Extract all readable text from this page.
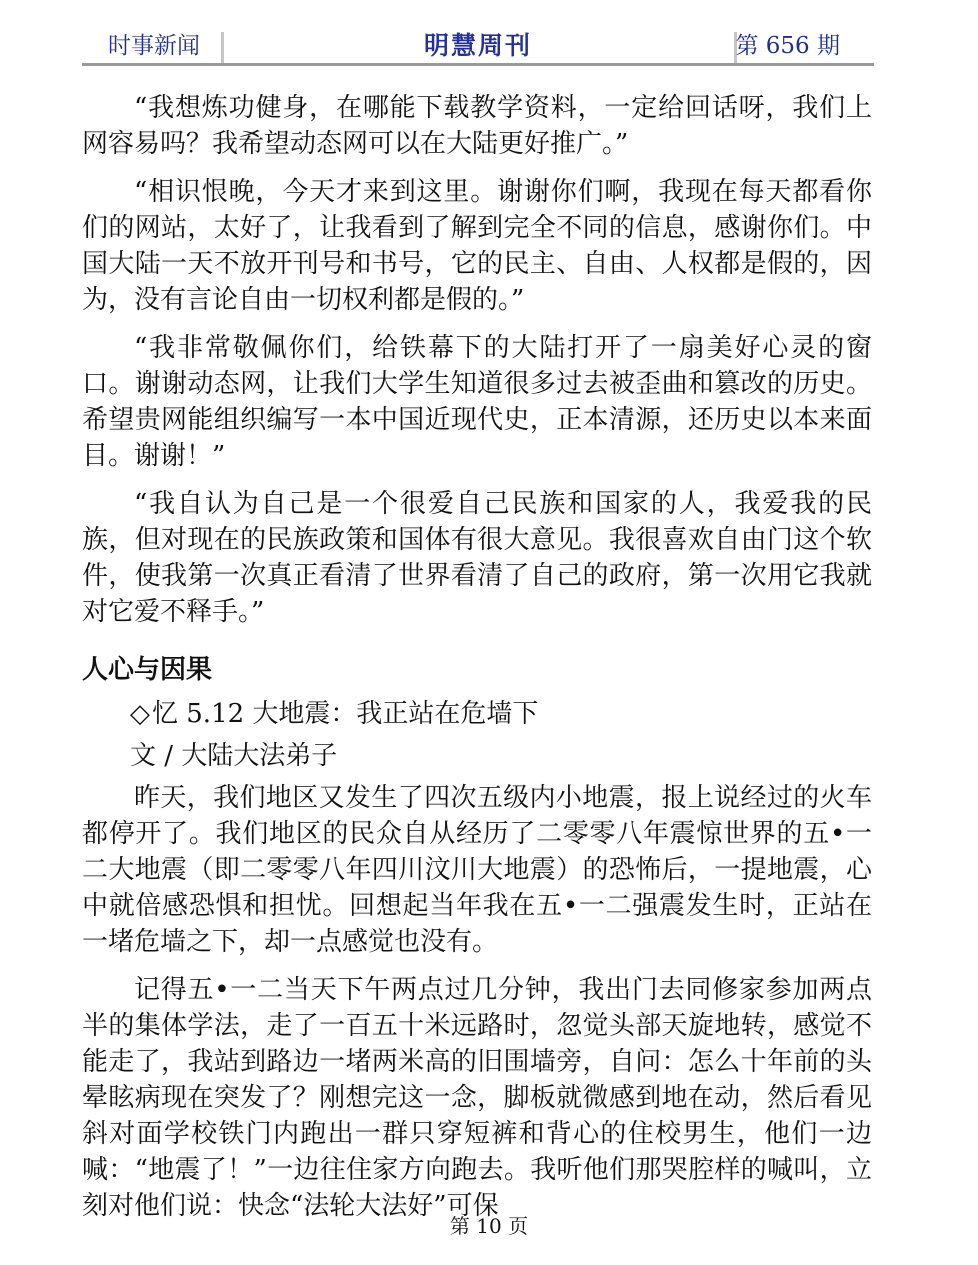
时事新闻	明慧周刊	第 656 期

“我想炼功健身，在哪能下载教学资料，一定给回话呀，我们上网容易吗？我希望动态网可以在大陆更好推广。”

“相识恨晚，今天才来到这里。谢谢你们啊，我现在每天都看你们的网站，太好了，让我看到了解到完全不同的信息，感谢你们。中国大陆一天不放开刊号和书号，它的民主、自由、人权都是假的，因为，没有言论自由一切权利都是假的。”

“我非常敬佩你们，给铁幕下的大陆打开了一扇美好心灵的窗口。谢谢动态网，让我们大学生知道很多过去被歪曲和篡改的历史。希望贵网能组织编写一本中国近现代史，正本清源，还历史以本来面目。谢谢！”

“我自认为自己是一个很爱自己民族和国家的人，我爱我的民族，但对现在的民族政策和国体有很大意见。我很喜欢自由门这个软件，使我第一次真正看清了世界看清了自己的政府，第一次用它我就对它爱不释手。”

人心与因果
◇忆 5.12 大地震：我正站在危墙下
文 / 大陆大法弟子

昨天，我们地区又发生了四次五级内小地震，报上说经过的火车都停开了。我们地区的民众自从经历了二零零八年震惊世界的五•一二大地震（即二零零八年四川汶川大地震）的恐怖后，一提地震，心中就倍感恐惧和担忧。回想起当年我在五•一二强震发生时，正站在一堵危墙之下，却一点感觉也没有。

记得五•一二当天下午两点过几分钟，我出门去同修家参加两点半的集体学法，走了一百五十米远路时，忽觉头部天旋地转，感觉不能走了，我站到路边一堵两米高的旧围墙旁，自问：怎么十年前的头晕眩病现在突发了？刚想完这一念，脚板就微感到地在动，然后看见斜对面学校铁门内跑出一群只穿短裤和背心的住校男生，他们一边喊：“地震了！”一边往住家方向跑去。我听他们那哭腔样的喊叫，立刻对他们说：快念“法轮大法好”可保

第 10 页
